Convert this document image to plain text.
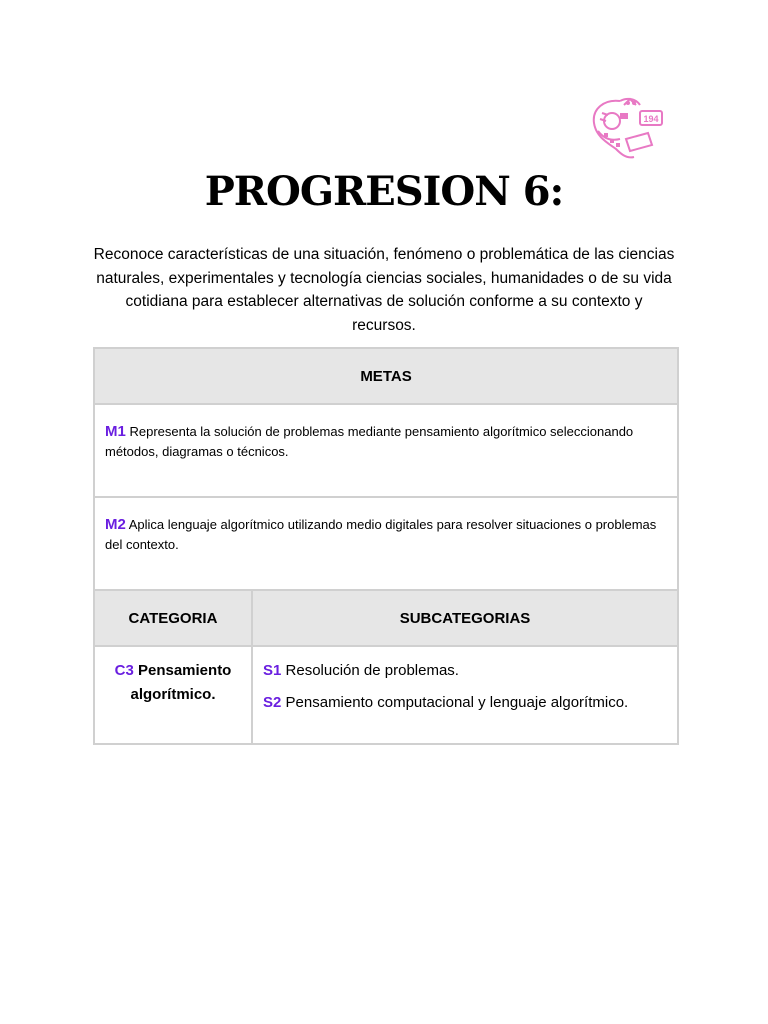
194
PROGRESION 6:

Reconoce características de una situación, fenómeno o problemática de las ciencias naturales, experimentales y tecnología ciencias sociales, humanidades o de su vida cotidiana para establecer alternativas de solución conforme a su contexto y recursos.

METAS	
M1 Representa la solución de problemas mediante pensamiento algorítmico seleccionando métodos, diagramas o técnicos.	
M2 Aplica lenguaje algorítmico utilizando medio digitales para resolver situaciones o problemas del contexto.	
CATEGORIA	SUBCATEGORIAS
C3 Pensamiento algorítmico.	S1 Resolución de problemas.

S2 Pensamiento computacional y lenguaje algorítmico.
